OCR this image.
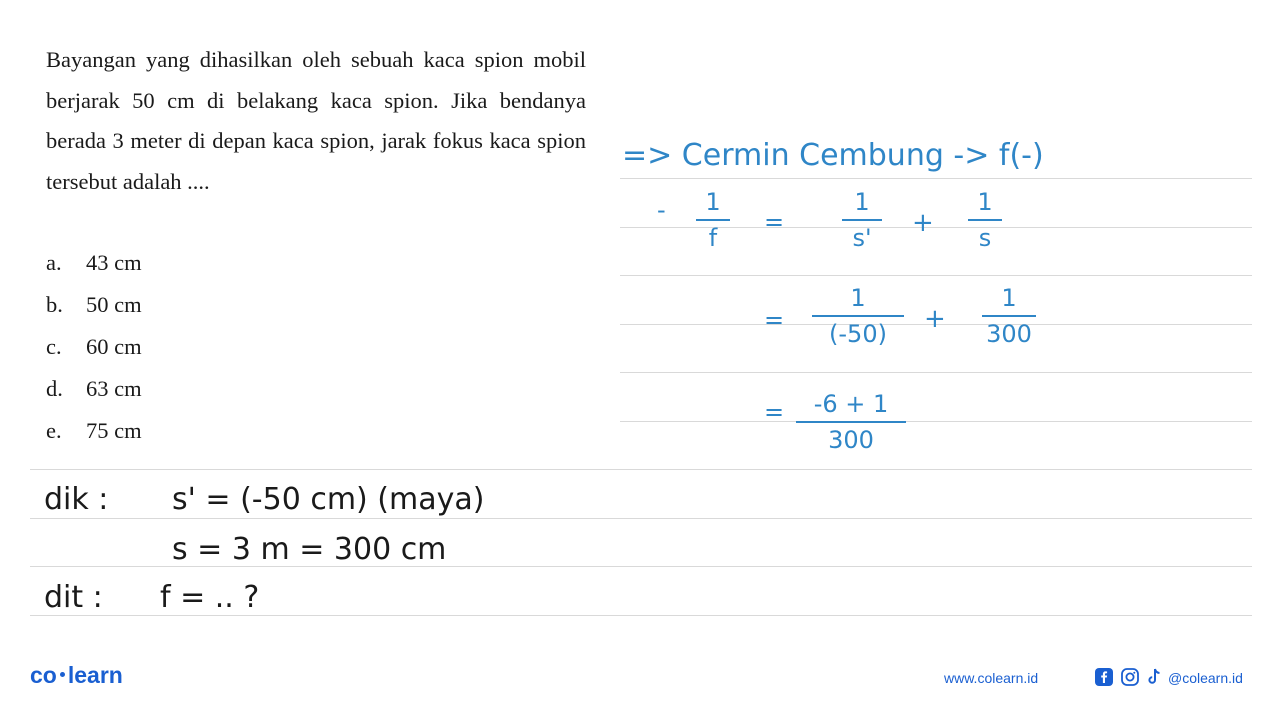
Bayangan yang dihasilkan oleh sebuah kaca spion mobil berjarak 50 cm di belakang kaca spion. Jika bendanya berada 3 meter di depan kaca spion, jarak fokus kaca spion tersebut adalah ....
a. 43 cm
b. 50 cm
c. 60 cm
d. 63 cm
e. 75 cm
=> Cermin Cembung -> f(-)
- 1
f
=
1
s' +
1
s
=
1
(-50) +
1
300
= -6 + 1
300
dik : s' = (-50 cm) (maya)
s = 3 m = 300 cm
dit : f = .. ?
co learn	www.colearn.id	@colearn.id
